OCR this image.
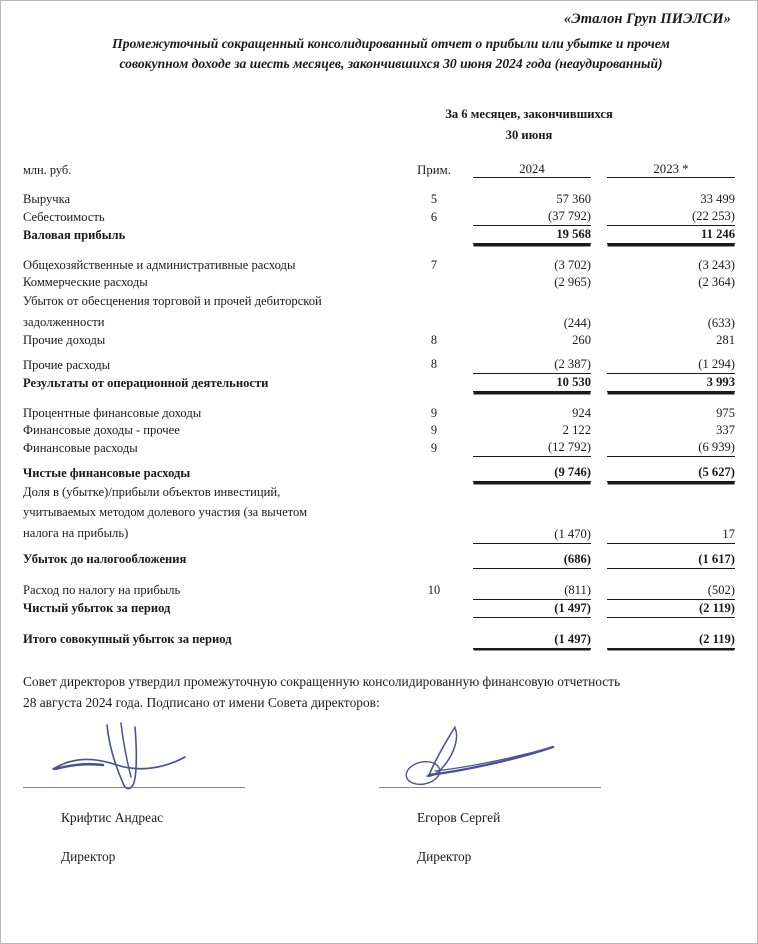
«Эталон Груп ПИЭЛСИ»
Промежуточный сокращенный консолидированный отчет о прибыли или убытке и прочем
совокупном доходе за шесть месяцев, закончившихся 30 июня 2024 года (неаудированный)
За 6 месяцев, закончившихся
30 июня
млн. руб.	Прим.	2024		2023 *

Выручка	5	57 360		33 499
Себестоимость	6	(37 792)		(22 253)
Валовая прибыль		19 568		11 246

Общехозяйственные и административные расходы	7	(3 702)		(3 243)
Коммерческие расходы		(2 965)		(2 364)

Убыток от обесценения торговой и прочей дебиторской
задолженности		(244)		(633)
Прочие доходы	8	260		281

Прочие расходы	8	(2 387)		(1 294)
Результаты от операционной деятельности		10 530		3 993

Процентные финансовые доходы	9	924		975
Финансовые доходы - прочее	9	2 122		337
Финансовые расходы	9	(12 792)		(6 939)

Чистые финансовые расходы		(9 746)		(5 627)

Доля в (убытке)/прибыли объектов инвестиций,
учитываемых методом долевого участия (за вычетом
налога на прибыль)		(1 470)		17

Убыток до налогообложения		(686)		(1 617)

Расход по налогу на прибыль	10	(811)		(502)
Чистый убыток за период		(1 497)		(2 119)

Итого совокупный убыток за период		(1 497)		(2 119)
Совет директоров утвердил промежуточную сокращенную консолидированную финансовую отчетность
28 августа 2024 года. Подписано от имени Совета директоров:
Крифтис Андреас
Директор
Егоров Сергей
Директор
